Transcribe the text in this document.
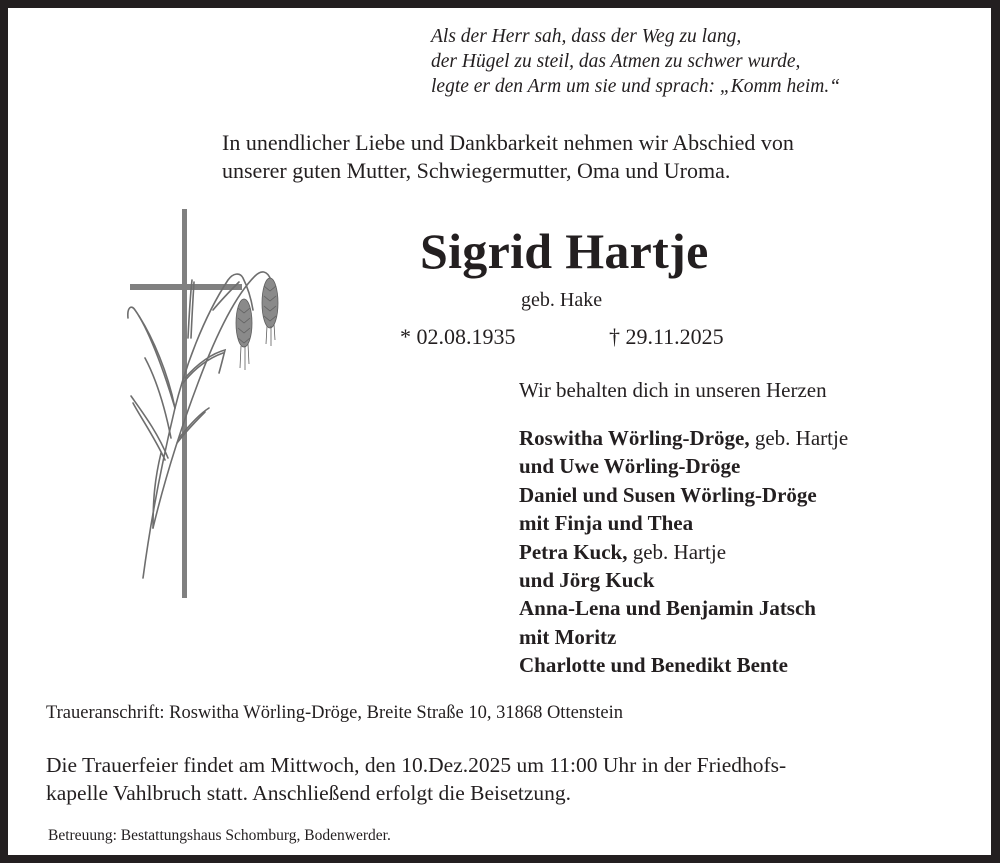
Als der Herr sah, dass der Weg zu lang,
der Hügel zu steil, das Atmen zu schwer wurde,
legte er den Arm um sie und sprach: „Komm heim.“
In unendlicher Liebe und Dankbarkeit nehmen wir Abschied von
unserer guten Mutter, Schwiegermutter, Oma und Uroma.
Sigrid Hartje
geb. Hake
* 02.08.1935	† 29.11.2025
Wir behalten dich in unseren Herzen
Roswitha Wörling-Dröge, geb. Hartje
und Uwe Wörling-Dröge
Daniel und Susen Wörling-Dröge
mit Finja und Thea
Petra Kuck, geb. Hartje
und Jörg Kuck
Anna-Lena und Benjamin Jatsch
mit Moritz
Charlotte und Benedikt Bente
Traueranschrift: Roswitha Wörling-Dröge, Breite Straße 10, 31868 Ottenstein
Die Trauerfeier findet am Mittwoch, den 10.Dez.2025 um 11:00 Uhr in der Friedhofs-
kapelle Vahlbruch statt. Anschließend erfolgt die Beisetzung.
Betreuung: Bestattungshaus Schomburg, Bodenwerder.
